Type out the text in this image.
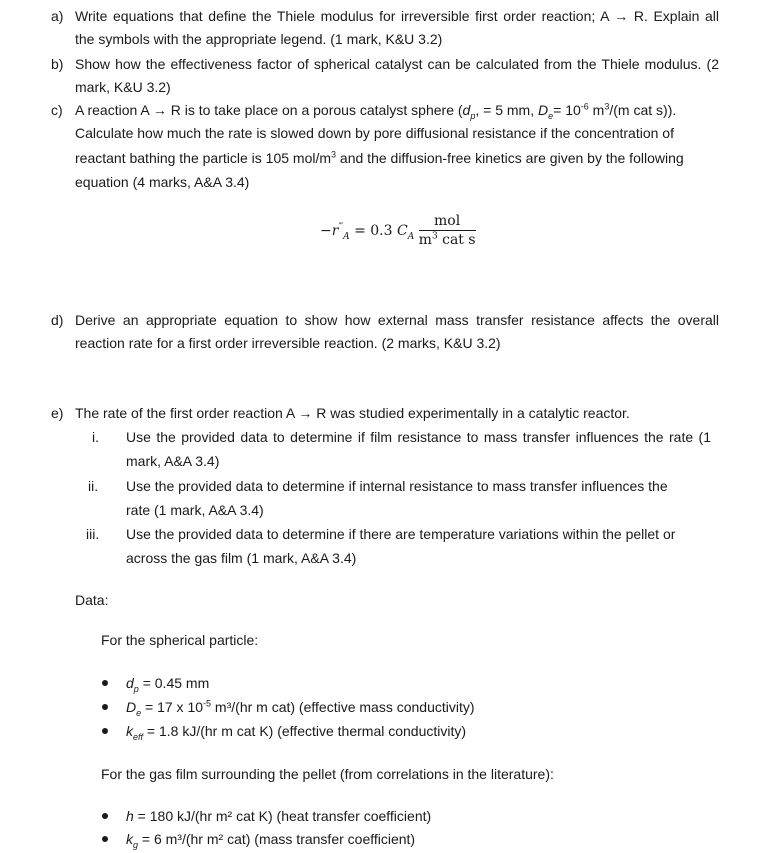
a) Write equations that define the Thiele modulus for irreversible first order reaction; A → R. Explain all
the symbols with the appropriate legend. (1 mark, K&U 3.2)
b) Show how the effectiveness factor of spherical catalyst can be calculated from the Thiele modulus. (2
mark, K&U 3.2)
c) A reaction A → R is to take place on a porous catalyst sphere ($d_p$, = 5 mm, $D_e= 10^{-6}$ $m^3/(m$ cat s)).
Calculate how much the rate is slowed down by pore diffusional resistance if the concentration of
reactant bathing the particle is 105 mol/$m^3$ and the diffusion-free kinetics are given by the following
equation (4 marks, A&A 3.4)
$-r^‴_A = 0.3$ $C_A \frac{\text{mol}}{m^3 cat s}$
d) Derive an appropriate equation to show how external mass transfer resistance affects the overall
reaction rate for a first order irreversible reaction. (2 marks, K&U 3.2)
e) The rate of the first order reaction A → R was studied experimentally in a catalytic reactor.
i. Use the provided data to determine if film resistance to mass transfer influences the rate (1
mark, A&A 3.4)
ii. Use the provided data to determine if internal resistance to mass transfer influences the
rate (1 mark, A&A 3.4)
iii. Use the provided data to determine if there are temperature variations within the pellet or
across the gas film (1 mark, A&A 3.4)
Data:
For the spherical particle:
$d_p = 0.45$ mm
$D_e = 17$ x $10^{-5}$ m³/(hr m cat) (effective mass conductivity)
$k_{eff} = 1.8$ kJ/(hr m cat K) (effective thermal conductivity)
For the gas film surrounding the pellet (from correlations in the literature):
h = 180 kJ/(hr m² cat K) (heat transfer coefficient)
$k_g = 6$ m³/(hr m² cat) (mass transfer coefficient)
